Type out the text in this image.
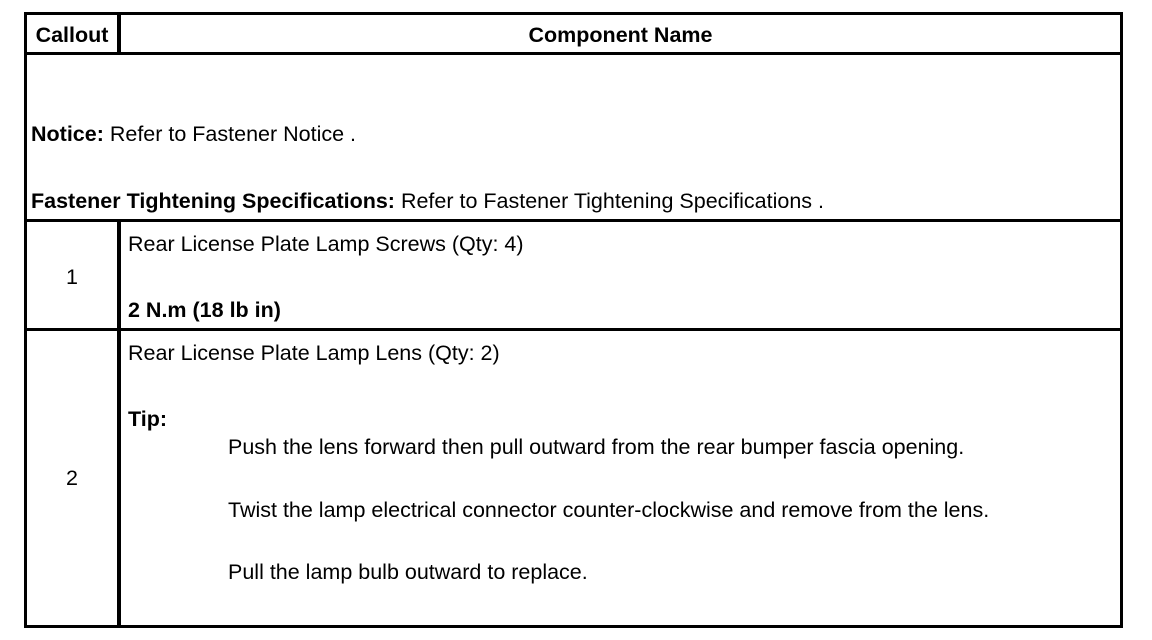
Callout	Component Name
Notice: Refer to Fastener Notice .
Fastener Tightening Specifications: Refer to Fastener Tightening Specifications .
1
Rear License Plate Lamp Screws (Qty: 4)
2 N.m (18 lb in)
2
Rear License Plate Lamp Lens (Qty: 2)
Tip:
Push the lens forward then pull outward from the rear bumper fascia opening.
Twist the lamp electrical connector counter-clockwise and remove from the lens.
Pull the lamp bulb outward to replace.
